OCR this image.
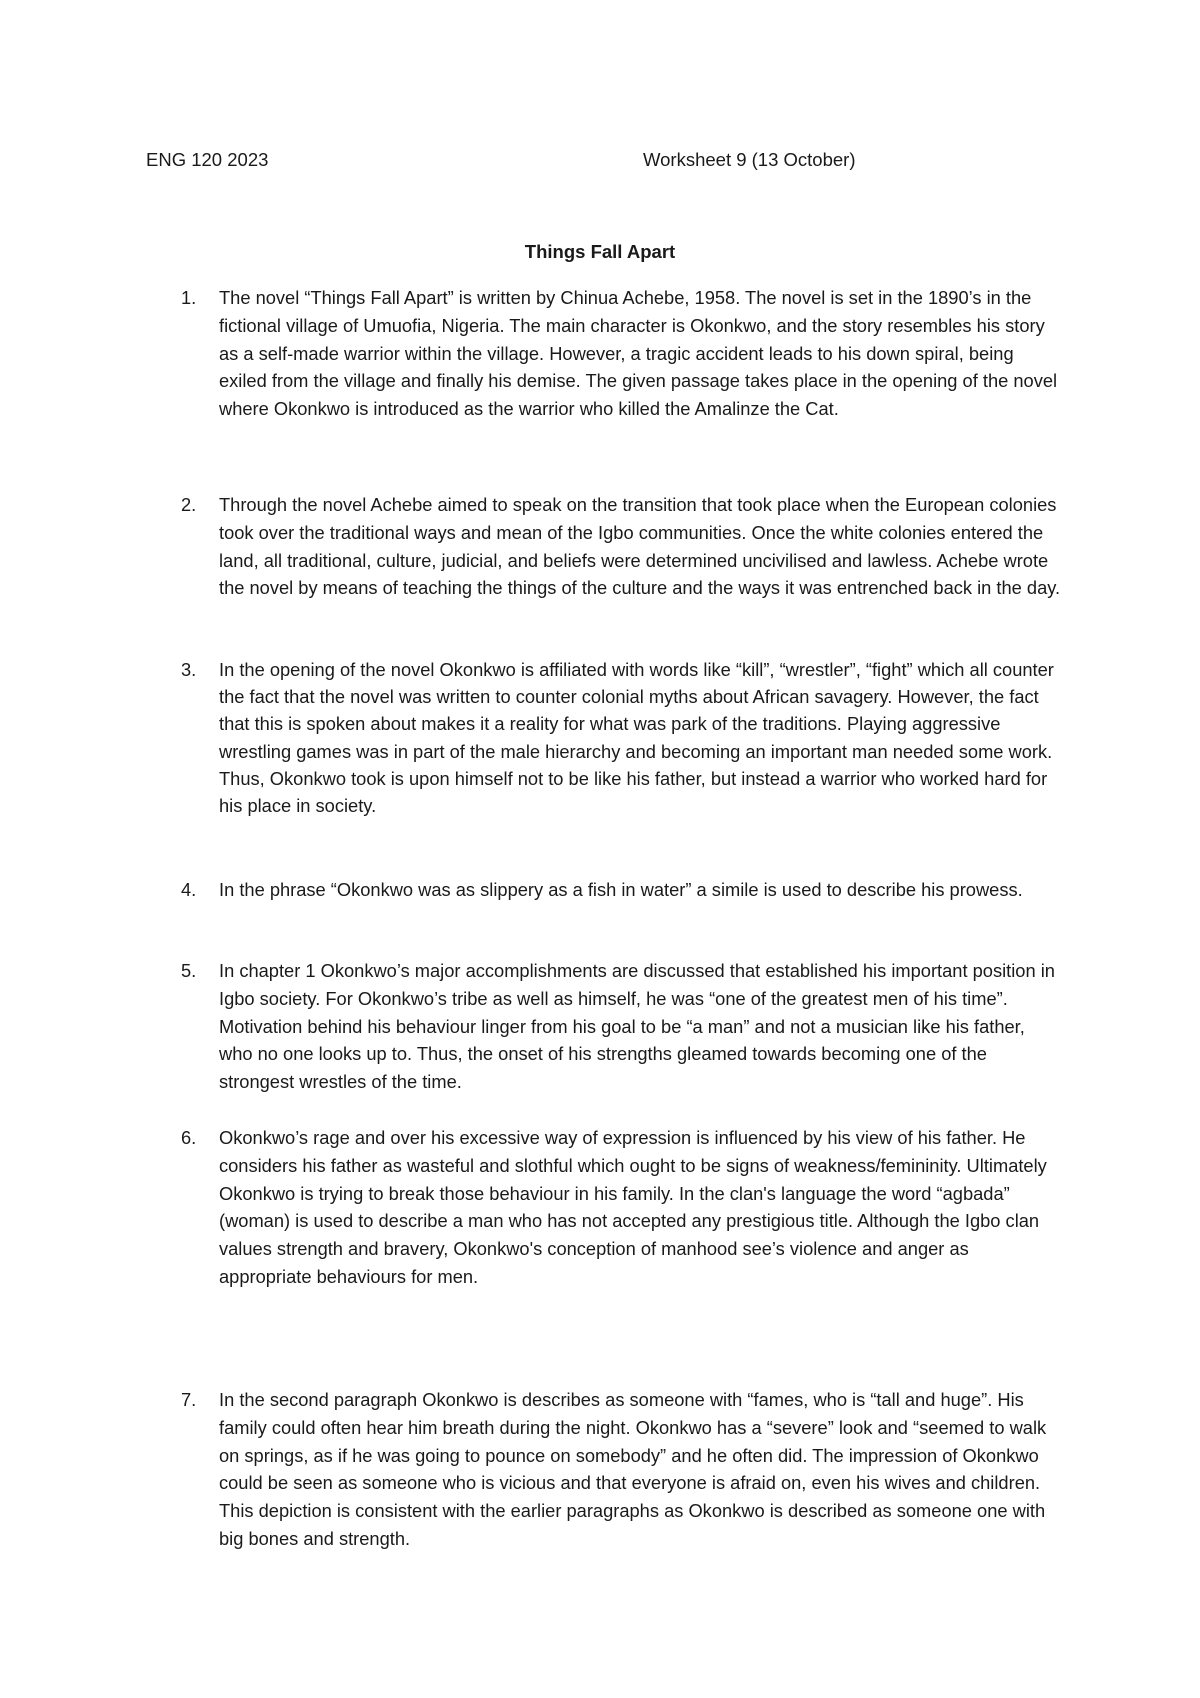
ENG 120 2023	Worksheet 9 (13 October)
Things Fall Apart
1.	The novel “Things Fall Apart” is written by Chinua Achebe, 1958. The novel is set in the 1890’s in the fictional village of Umuofia, Nigeria. The main character is Okonkwo, and the story resembles his story as a self-made warrior within the village. However, a tragic accident leads to his down spiral, being exiled from the village and finally his demise. The given passage takes place in the opening of the novel where Okonkwo is introduced as the warrior who killed the Amalinze the Cat.
2.	Through the novel Achebe aimed to speak on the transition that took place when the European colonies took over the traditional ways and mean of the Igbo communities. Once the white colonies entered the land, all traditional, culture, judicial, and beliefs were determined uncivilised and lawless. Achebe wrote the novel by means of teaching the things of the culture and the ways it was entrenched back in the day.
3.	In the opening of the novel Okonkwo is affiliated with words like “kill”, “wrestler”, “fight” which all counter the fact that the novel was written to counter colonial myths about African savagery. However, the fact that this is spoken about makes it a reality for what was park of the traditions. Playing aggressive wrestling games was in part of the male hierarchy and becoming an important man needed some work. Thus, Okonkwo took is upon himself not to be like his father, but instead a warrior who worked hard for his place in society.
4.	In the phrase “Okonkwo was as slippery as a fish in water” a simile is used to describe his prowess.
5.	In chapter 1 Okonkwo’s major accomplishments are discussed that established his important position in Igbo society. For Okonkwo’s tribe as well as himself, he was “one of the greatest men of his time”. Motivation behind his behaviour linger from his goal to be “a man” and not a musician like his father, who no one looks up to. Thus, the onset of his strengths gleamed towards becoming one of the strongest wrestles of the time.
6.	Okonkwo’s rage and over his excessive way of expression is influenced by his view of his father. He considers his father as wasteful and slothful which ought to be signs of weakness/femininity. Ultimately Okonkwo is trying to break those behaviour in his family. In the clan's language the word “agbada” (woman) is used to describe a man who has not accepted any prestigious title. Although the Igbo clan values strength and bravery, Okonkwo's conception of manhood see’s violence and anger as appropriate behaviours for men.
7.	In the second paragraph Okonkwo is describes as someone with “fames, who is “tall and huge”. His family could often hear him breath during the night. Okonkwo has a “severe” look and “seemed to walk on springs, as if he was going to pounce on somebody” and he often did. The impression of Okonkwo could be seen as someone who is vicious and that everyone is afraid on, even his wives and children. This depiction is consistent with the earlier paragraphs as Okonkwo is described as someone one with big bones and strength.
